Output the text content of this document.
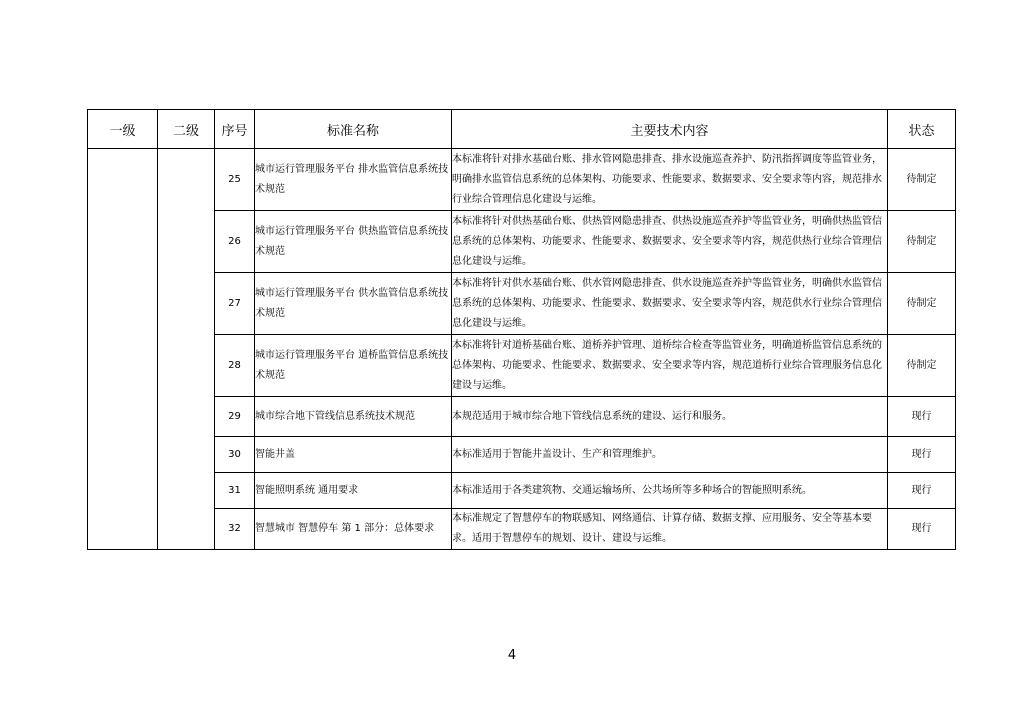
一级	二级	序号	标准名称	主要技术内容	状态
		25	城市运行管理服务平台 排水监管信息系统技术规范	本标准将针对排水基础台账、排水管网隐患排查、排水设施巡查养护、防汛指挥调度等监管业务，明确排水监管信息系统的总体架构、功能要求、性能要求、数据要求、安全要求等内容，规范排水行业综合管理信息化建设与运维。	待制定
		26	城市运行管理服务平台 供热监管信息系统技术规范	本标准将针对供热基础台账、供热管网隐患排查、供热设施巡查养护等监管业务，明确供热监管信息系统的总体架构、功能要求、性能要求、数据要求、安全要求等内容，规范供热行业综合管理信息化建设与运维。	待制定
		27	城市运行管理服务平台 供水监管信息系统技术规范	本标准将针对供水基础台账、供水管网隐患排查、供水设施巡查养护等监管业务，明确供水监管信息系统的总体架构、功能要求、性能要求、数据要求、安全要求等内容，规范供水行业综合管理信息化建设与运维。	待制定
		28	城市运行管理服务平台 道桥监管信息系统技术规范	本标准将针对道桥基础台账、道桥养护管理、道桥综合检查等监管业务，明确道桥监管信息系统的总体架构、功能要求、性能要求、数据要求、安全要求等内容，规范道桥行业综合管理服务信息化建设与运维。	待制定
		29	城市综合地下管线信息系统技术规范	本规范适用于城市综合地下管线信息系统的建设、运行和服务。	现行
		30	智能井盖	本标准适用于智能井盖设计、生产和管理维护。	现行
		31	智能照明系统 通用要求	本标准适用于各类建筑物、交通运输场所、公共场所等多种场合的智能照明系统。	现行
		32	智慧城市 智慧停车 第 1 部分：总体要求	本标准规定了智慧停车的物联感知、网络通信、计算存储、数据支撑、应用服务、安全等基本要求。适用于智慧停车的规划、设计、建设与运维。	现行
4
